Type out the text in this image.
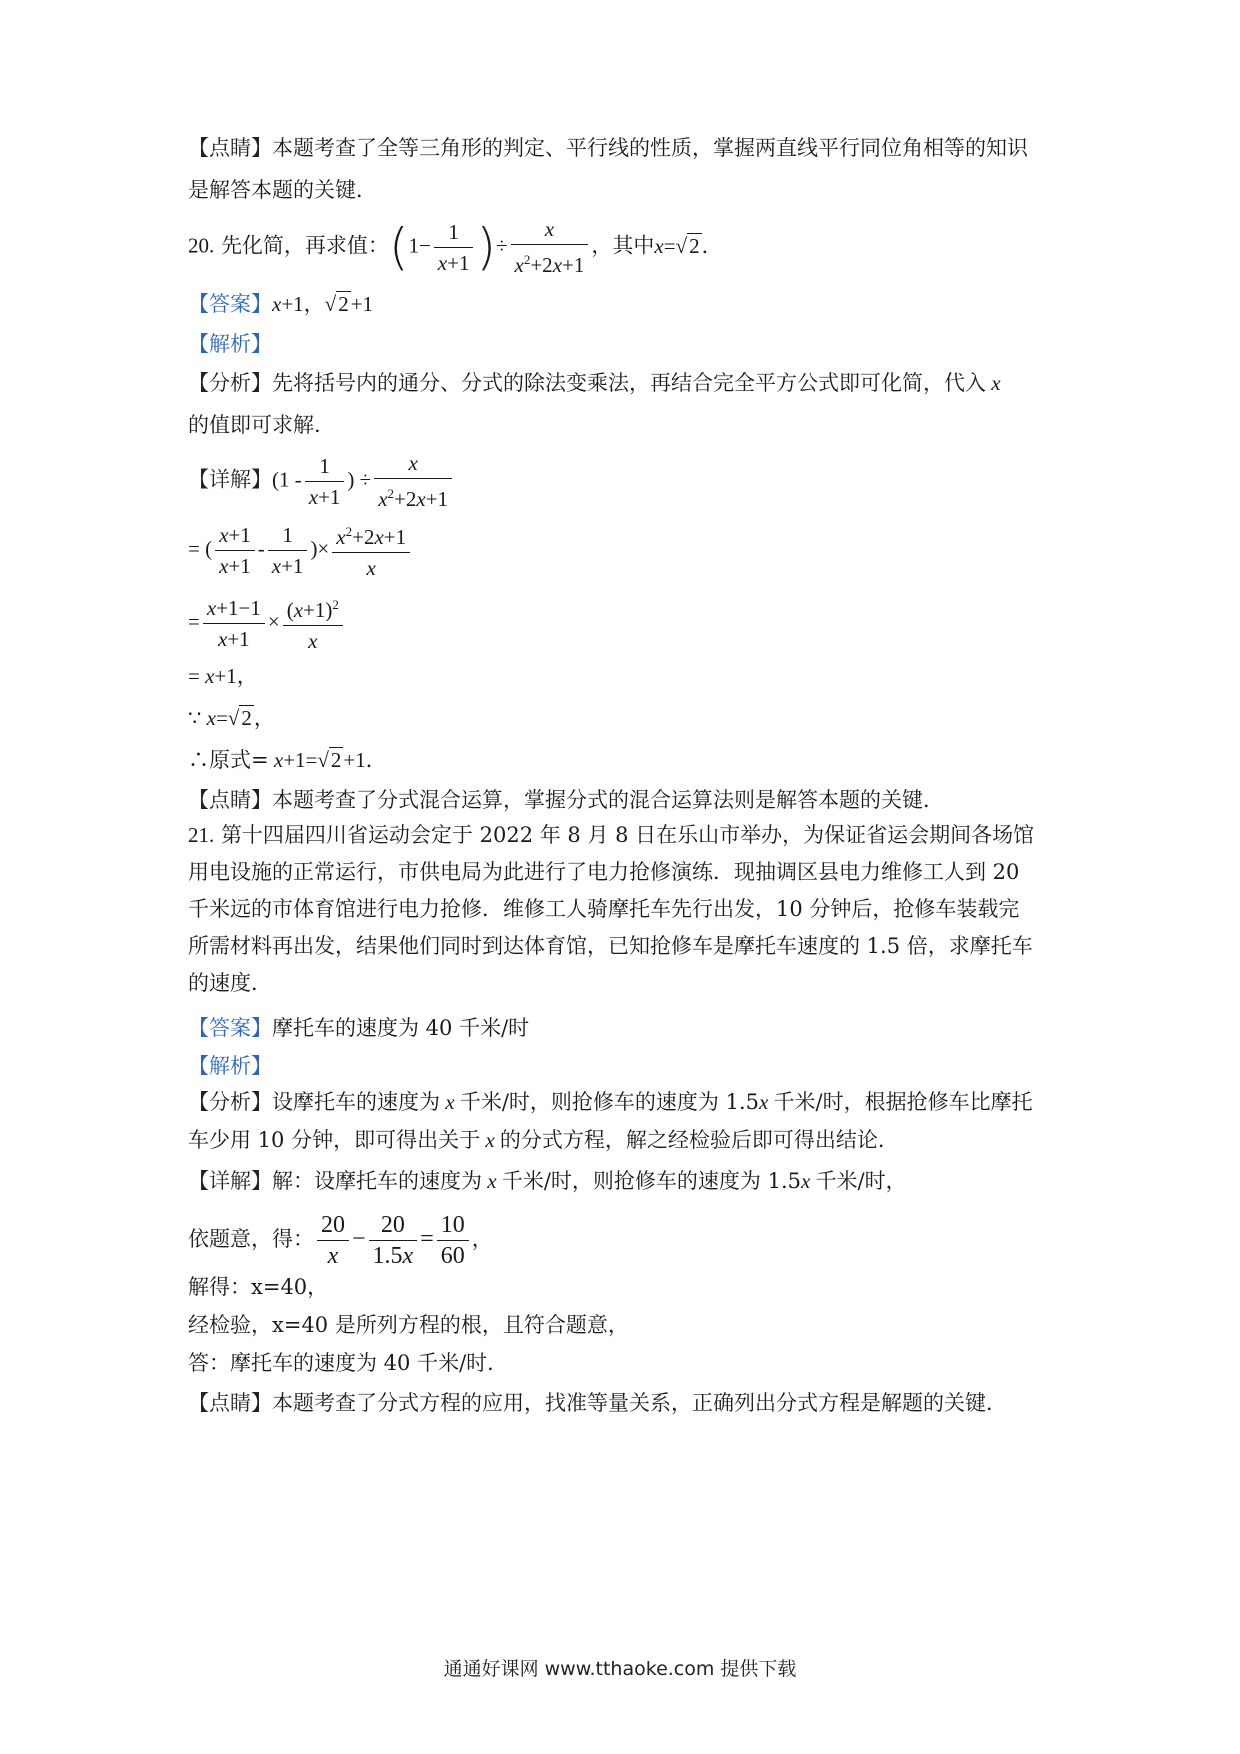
【点睛】本题考查了全等三角形的判定、平行线的性质，掌握两直线平行同位角相等的知识
是解答本题的关键．
20. 先化简，再求值：($1- \frac{1}{x+1}$ )÷ $\frac{x}{x^2+2x+1}$ ，其中x=√2．
【答案】x+1，√2+1
【解析】
【分析】先将括号内的通分、分式的除法变乘法，再结合完全平方公式即可化简，代入 x
的值即可求解．
【详解】($1 - \frac{1}{x+1}$ ) ÷ $\frac{x}{x^2+2x+1}$
= ( $\frac{x+1}{x+1} - \frac{1}{x+1}$ )× $\frac{x^2+2x+1}{x}$
= $\frac{x+1-1}{x+1} \times \frac{(x+1)^2}{x}$
= x+1，
∵ x=√2，
∴原式= x+1=√2+1．
【点睛】本题考查了分式混合运算，掌握分式的混合运算法则是解答本题的关键．
21. 第十四届四川省运动会定于 2022 年 8 月 8 日在乐山市举办，为保证省运会期间各场馆
用电设施的正常运行，市供电局为此进行了电力抢修演练．现抽调区县电力维修工人到 20
千米远的市体育馆进行电力抢修．维修工人骑摩托车先行出发，10 分钟后，抢修车装载完
所需材料再出发，结果他们同时到达体育馆，已知抢修车是摩托车速度的 1.5 倍，求摩托车
的速度．
【答案】摩托车的速度为 40 千米/时
【解析】
【分析】设摩托车的速度为 x 千米/时，则抢修车的速度为 1.5x 千米/时，根据抢修车比摩托
车少用 10 分钟，即可得出关于 x 的分式方程，解之经检验后即可得出结论．
【详解】解：设摩托车的速度为 x 千米/时，则抢修车的速度为 1.5x 千米/时，
依题意，得： $\frac{20}{x} - \frac{20}{1.5x} = \frac{10}{60}$ ，
解得：x=40，
经检验，x=40 是所列方程的根，且符合题意，
答：摩托车的速度为 40 千米/时．
【点睛】本题考查了分式方程的应用，找准等量关系，正确列出分式方程是解题的关键．
通通好课网 www.tthaoke.com 提供下载
